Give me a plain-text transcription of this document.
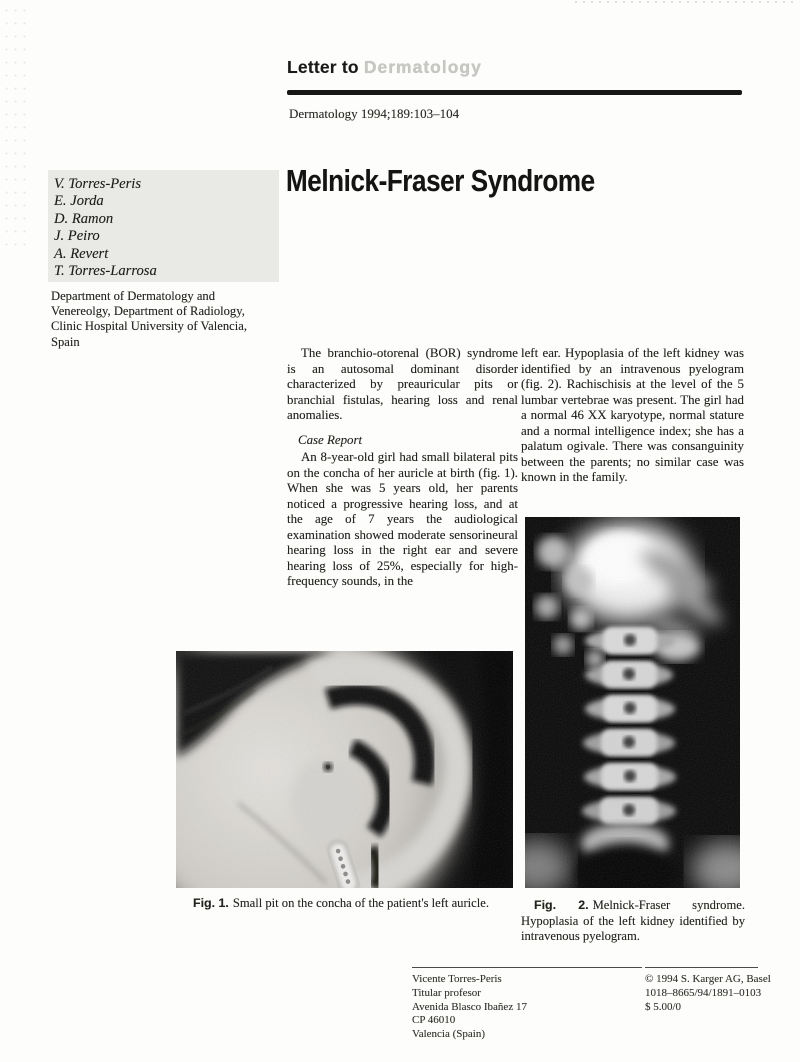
Letter to Dermatology
Dermatology 1994;189:103–104
V. Torres-Peris
E. Jorda
D. Ramon
J. Peiro
A. Revert
T. Torres-Larrosa
Department of Dermatology and
Venereolgy, Department of Radiology,
Clinic Hospital University of Valencia,
Spain
Melnick-Fraser Syndrome

The branchio-otorenal (BOR) syndrome is an autosomal dominant disorder characterized by preauricular pits or branchial fistulas, hearing loss and renal anomalies.

Case Report

An 8-year-old girl had small bilateral pits on the concha of her auricle at birth (fig. 1). When she was 5 years old, her parents noticed a progressive hearing loss, and at the age of 7 years the audiological examination showed moderate sensorineural hearing loss in the right ear and severe hearing loss of 25%, especially for high-frequency sounds, in the

left ear. Hypoplasia of the left kidney was identified by an intravenous pyelogram (fig. 2). Rachischisis at the level of the 5 lumbar vertebrae was present. The girl had a normal 46 XX karyotype, normal stature and a normal intelligence index; she has a palatum ogivale. There was consanguinity between the parents; no similar case was known in the family.

Fig. 1. Small pit on the concha of the patient's left auricle.	Fig. 2. Melnick-Fraser syndrome. Hypoplasia of the left kidney identified by intravenous pyelogram.
Vicente Torres-Peris
Titular profesor
Avenida Blasco Ibañez 17
CP 46010
Valencia (Spain)
© 1994 S. Karger AG, Basel
1018–8665/94/1891–0103
$ 5.00/0
